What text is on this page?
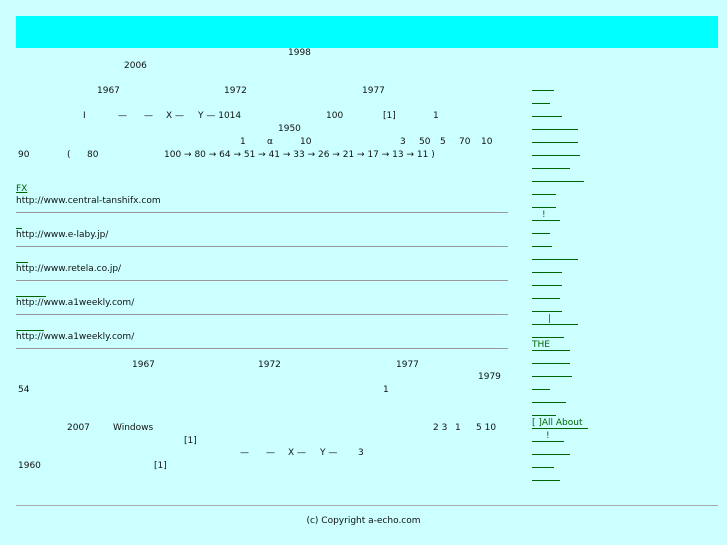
1998
2006
1967	1972	1977
I	— — X — Y — 1014	100	[1]	1
1950
1 α	10	3 50 5 70 10
90	( 80	100 → 80 → 64 → 51 → 41 → 33 → 26 → 21 → 17 → 13 → 11 )
FX
http://www.central-tanshifx.com
http://www.e-laby.jp/
http://www.retela.co.jp/
http://www.a1weekly.com/
http://www.a1weekly.com/
1967	1972	1977
1979
54	1
2007	Windows	2 3 1 5 10
[1]
— — X — Y — 3
1960	[1]
!
|
THE
[ ]All About
!
(c) Copyright a-echo.com
